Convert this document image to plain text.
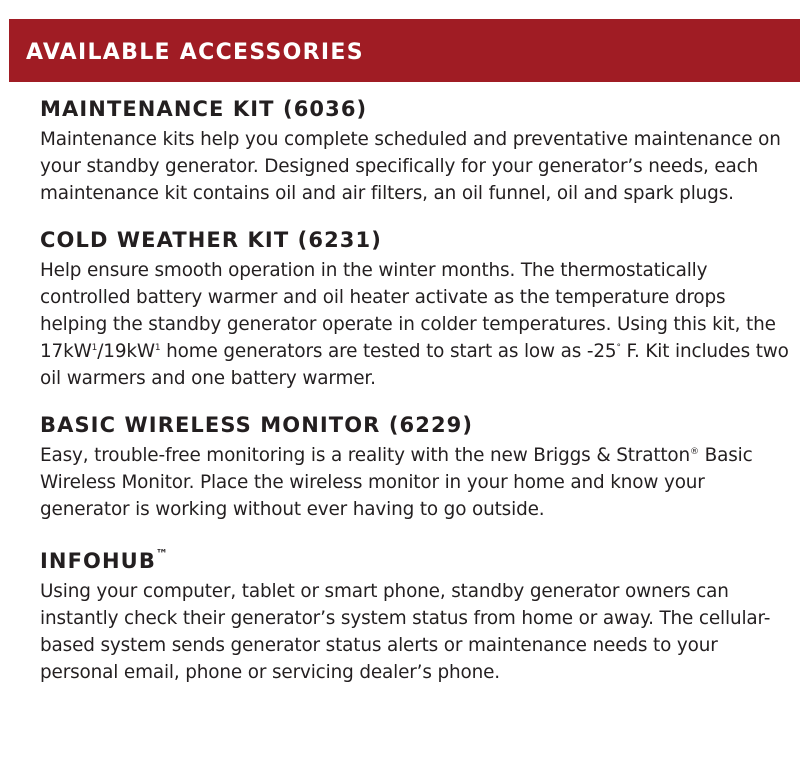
AVAILABLE ACCESSORIES
MAINTENANCE KIT (6036)

Maintenance kits help you complete scheduled and preventative maintenance on your standby generator. Designed specifically for your generator’s needs, each maintenance kit contains oil and air filters, an oil funnel, oil and spark plugs.

COLD WEATHER KIT (6231)

Help ensure smooth operation in the winter months. The thermostatically controlled battery warmer and oil heater activate as the temperature drops helping the standby generator operate in colder temperatures. Using this kit, the $17kW^1/19kW^1$ home generators are tested to start as low as -25° F. Kit includes two oil warmers and one battery warmer.

BASIC WIRELESS MONITOR (6229)

Easy, trouble-free monitoring is a reality with the new Briggs & Stratton® Basic Wireless Monitor. Place the wireless monitor in your home and know your generator is working without ever having to go outside.

INFOHUB™

Using your computer, tablet or smart phone, standby generator owners can instantly check their generator’s system status from home or away. The cellular-based system sends generator status alerts or maintenance needs to your personal email, phone or servicing dealer’s phone.
